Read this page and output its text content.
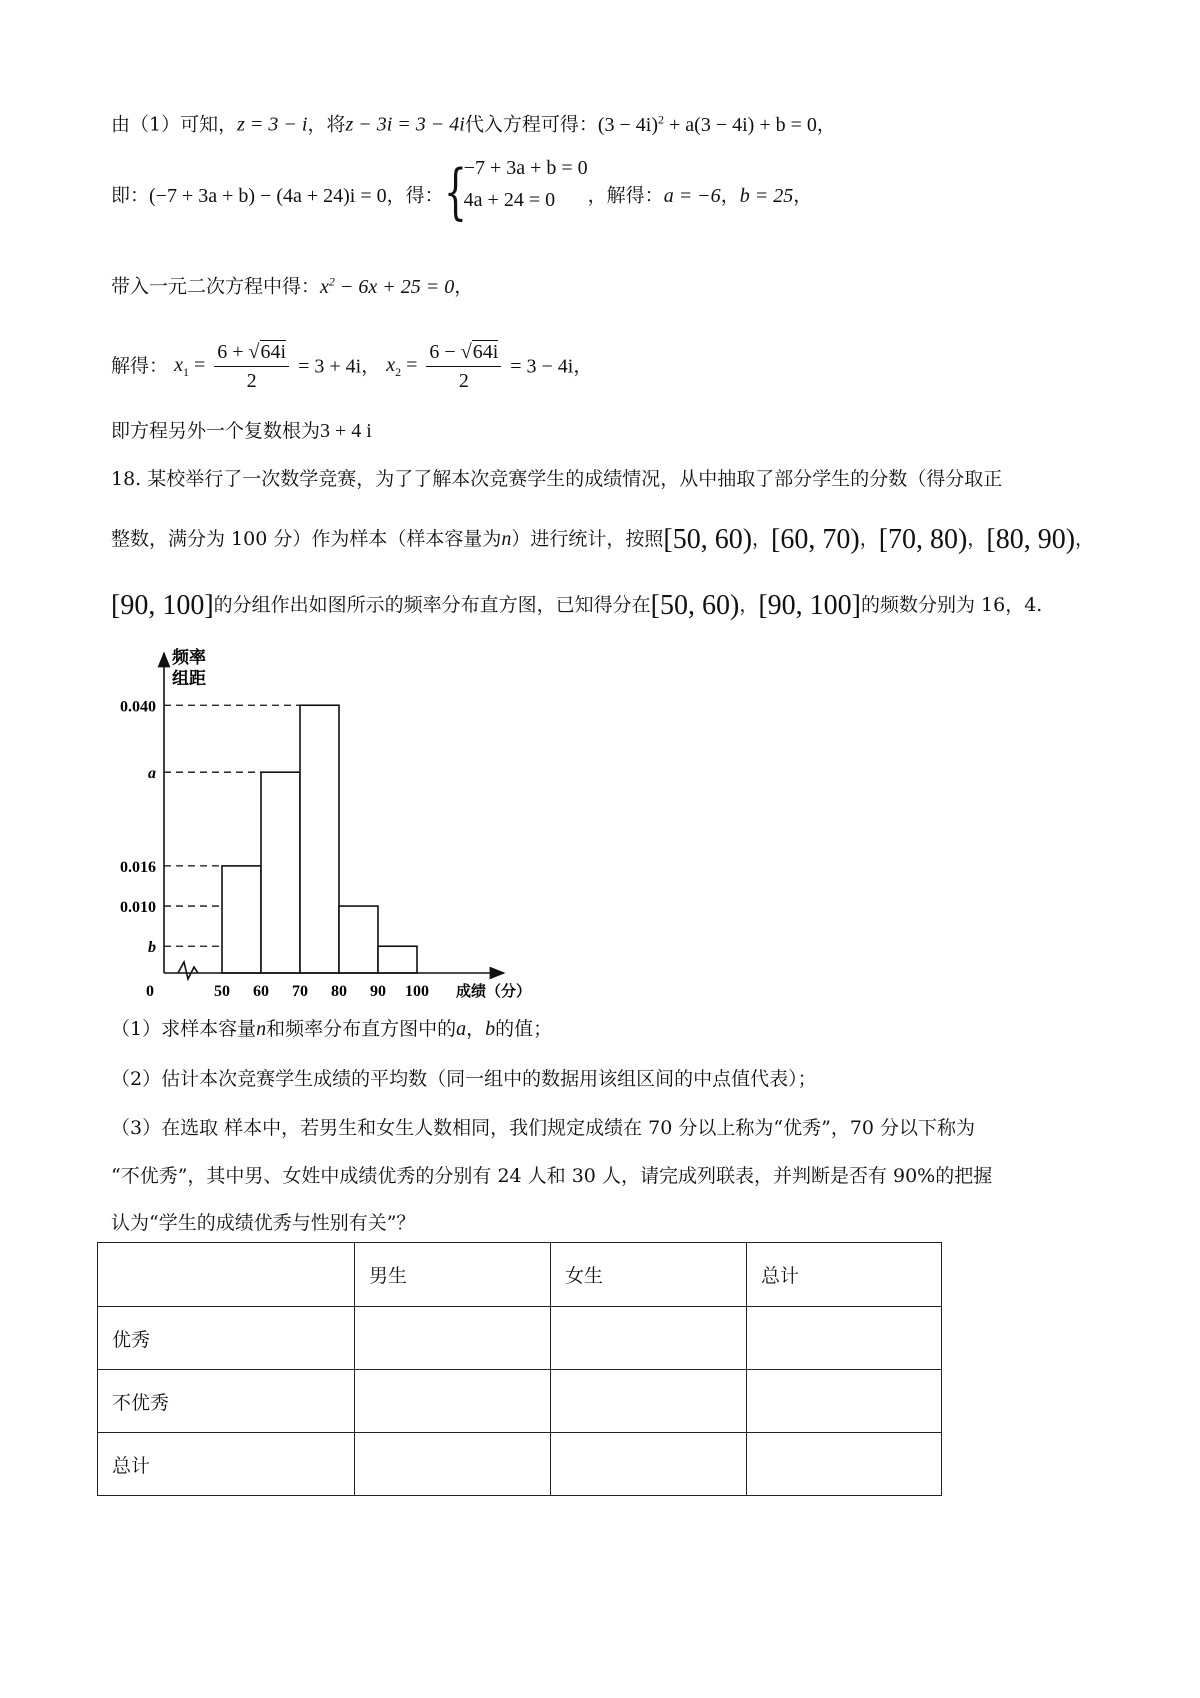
由（1）可知，z = 3 − i，将z − 3i = 3 − 4i代入方程可得：$(3 - 4i)^2 + a(3 - 4i) + b = 0$，
即：(−7 + 3a + b) − (4a + 24)i = 0，得： {
−7 + 3a + b = 0
4a + 24 = 0	，解得：a = −6，b = 25，
带入一元二次方程中得：$x^2 - 6x + 25 = 0$，
解得： $x_1 = \frac{6 + √64i}{2} = 3 + 4i$， $x_2 = \frac{6 - √64i}{2} = 3 - 4i$，
即方程另外一个复数根为3 + 4 i
18. 某校举行了一次数学竞赛，为了了解本次竞赛学生的成绩情况，从中抽取了部分学生的分数（得分取正
整数，满分为 100 分）作为样本（样本容量为n）进行统计，按照[50, 60)，[60, 70)，[70, 80)，[80, 90)，
[90, 100]的分组作出如图所示的频率分布直方图，已知得分在[50, 60)，[90, 100]的频数分别为 16，4.
频率
组距
0	成绩（分）
50 60 70 80 90 100
0.040
a
0.016
0.010
b
（1）求样本容量n和频率分布直方图中的a，b的值；
（2）估计本次竞赛学生成绩的平均数（同一组中的数据用该组区间的中点值代表）；
（3）在选取 样本中，若男生和女生人数相同，我们规定成绩在 70 分以上称为“优秀”，70 分以下称为
“不优秀”，其中男、女姓中成绩优秀的分别有 24 人和 30 人，请完成列联表，并判断是否有 90%的把握
认为“学生的成绩优秀与性别有关”？
	男生	女生	总计
优秀			
不优秀			
总计			
